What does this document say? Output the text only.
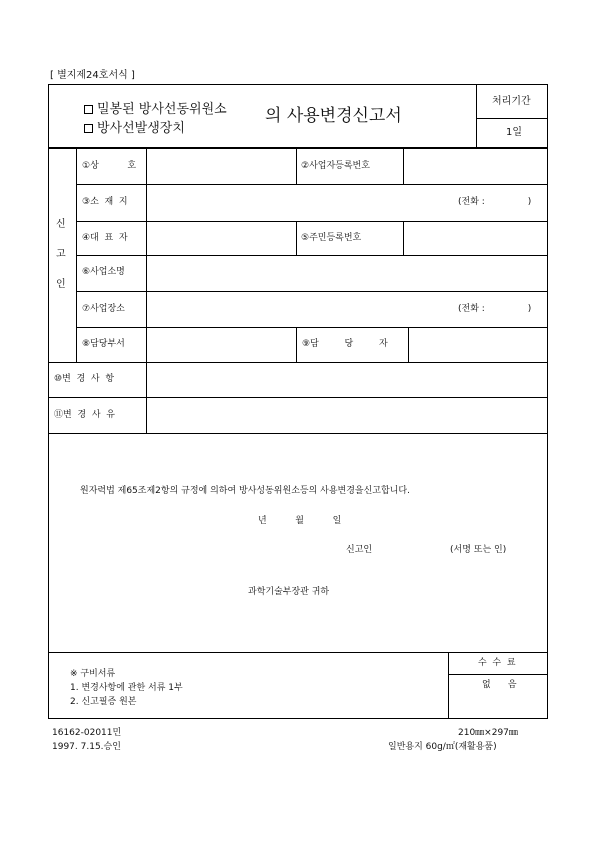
[ 별지제24호서식 ]
밀봉된 방사선동위원소
방사선발생장치
의 사용변경신고서
처리기간
1일
신
고
인
①상          호	②사업자등록번호
③소  재  지	(전화 :               )
④대  표  자	⑤주민등록번호
⑥사업소명
⑦사업장소	(전화 :               )
⑧담당부서	⑨담         당         자
⑩변  경  사  항
⑪변  경  사  유
원자력법 제65조제2항의 규정에 의하여 방사성동위원소등의 사용변경을신고합니다.
년          월          일
신고인	(서명 또는 인)
과학기술부장관 귀하
※ 구비서류
1. 변경사항에 관한 서류 1부
2. 신고필증 원본
수  수  료
없      음
16162-02011민
1997. 7.15.승인
210㎜×297㎜
일반용지 60g/㎡(재활용품)
